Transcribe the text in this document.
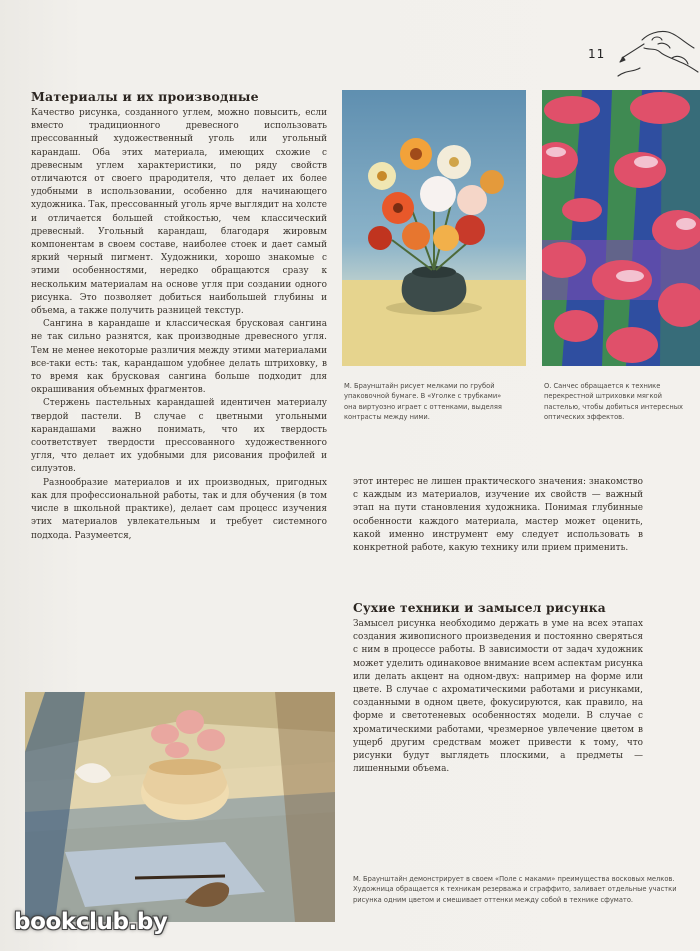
11
Материалы и их производные

Качество рисунка, созданного углем, можно повысить, если вместо традиционного древесного использовать прессованный художественный уголь или угольный карандаш. Оба этих материала, имеющих схожие с древесным углем характеристики, по ряду свойств отличаются от своего прародителя, что делает их более удобными в использовании, особенно для начинающего художника. Так, прессованный уголь ярче выглядит на холсте и отличается большей стойкостью, чем классический древесный. Угольный карандаш, благодаря жировым компонентам в своем составе, наиболее стоек и дает самый яркий черный пигмент. Художники, хорошо знакомые с этими особенностями, нередко обращаются сразу к нескольким материалам на основе угля при создании одного рисунка. Это позволяет добиться наибольшей глубины и объема, а также получить разницей текстур.

Сангина в карандаше и классическая брусковая сангина не так сильно разнятся, как производные древесного угля. Тем не менее некоторые различия между этими материалами все-таки есть: так, карандашом удобнее делать штриховку, в то время как брусковая сангина больше подходит для окрашивания объемных фрагментов.

Стержень пастельных карандашей идентичен материалу твердой пастели. В случае с цветными угольными карандашами важно понимать, что их твердость соответствует твердости прессованного художественного угля, что делает их удобными для рисования профилей и силуэтов.

Разнообразие материалов и их производных, пригодных как для профессиональной работы, так и для обучения (в том числе в школьной практике), делает сам процесс изучения этих материалов увлекательным и требует системного подхода. Разумеется,

М. Браунштайн рисует мелками по грубой упаковочной бумаге. В «Уголке с трубками» она виртуозно играет с оттенками, выделяя контрасты между ними.
О. Санчес обращается к технике перекрестной штриховки мягкой пастелью, чтобы добиться интересных оптических эффектов.

этот интерес не лишен практического значения: знакомство с каждым из материалов, изучение их свойств — важный этап на пути становления художника. Понимая глубинные особенности каждого материала, мастер может оценить, какой именно инструмент ему следует использовать в конкретной работе, какую технику или прием применить.

Сухие техники и замысел рисунка

Замысел рисунка необходимо держать в уме на всех этапах создания живописного произведения и постоянно сверяться с ним в процессе работы. В зависимости от задач художник может уделить одинаковое внимание всем аспектам рисунка или делать акцент на одном-двух: например на форме или цвете. В случае с ахроматическими работами и рисунками, созданными в одном цвете, фокусируются, как правило, на форме и светотеневых особенностях модели. В случае с хроматическими работами, чрезмерное увлечение цветом в ущерб другим средствам может привести к тому, что рисунки будут выглядеть плоскими, а предметы — лишенными объема.

М. Браунштайн демонстрирует в своем «Поле с маками» преимущества восковых мелков. Художница обращается к техникам резерважа и сграффито, заливает отдельные участки рисунка одним цветом и смешивает оттенки между собой в технике сфумато.
bookclub.by
